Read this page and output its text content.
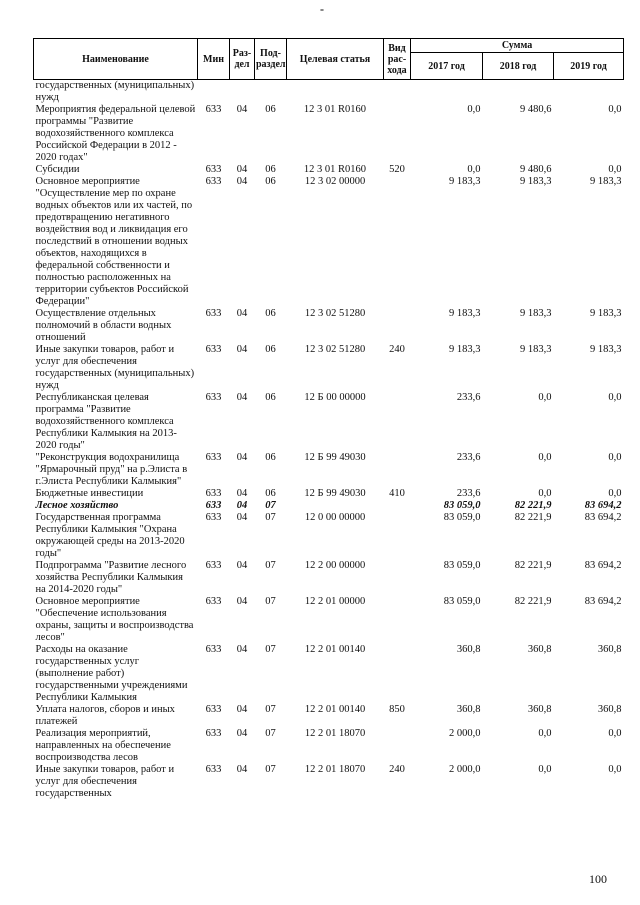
-
Наименование	Мин	Раз-дел	Под-раздел	Целевая статья	Вид рас-хода	Сумма		
						2017 год	2018 год	2019 год
государственных (муниципальных) нужд								
Мероприятия федеральной целевой программы "Развитие водохозяйственного комплекса Российской Федерации в 2012 - 2020 годах"	633	04	06	12 3 01 R0160		0,0	9 480,6	0,0
Субсидии	633	04	06	12 3 01 R0160	520	0,0	9 480,6	0,0
Основное мероприятие "Осуществление мер по охране водных объектов или их частей, по предотвращению негативного воздействия вод и ликвидация его последствий в отношении водных объектов, находящихся в федеральной собственности и полностью расположенных на территории субъектов Российской Федерации"	633	04	06	12 3 02 00000		9 183,3	9 183,3	9 183,3
Осуществление отдельных полномочий в области водных отношений	633	04	06	12 3 02 51280		9 183,3	9 183,3	9 183,3
Иные закупки товаров, работ и услуг для обеспечения государственных (муниципальных) нужд	633	04	06	12 3 02 51280	240	9 183,3	9 183,3	9 183,3
Республиканская целевая программа "Развитие водохозяйственного комплекса Республики Калмыкия на 2013-2020 годы"	633	04	06	12 Б 00 00000		233,6	0,0	0,0
"Реконструкция водохранилища "Ярмарочный пруд" на р.Элиста в г.Элиста Республики Калмыкия"	633	04	06	12 Б 99 49030		233,6	0,0	0,0
Бюджетные инвестиции	633	04	06	12 Б 99 49030	410	233,6	0,0	0,0
Лесное хозяйство	633	04	07			83 059,0	82 221,9	83 694,2
Государственная программа Республики Калмыкия "Охрана окружающей среды на 2013-2020 годы"	633	04	07	12 0 00 00000		83 059,0	82 221,9	83 694,2
Подпрограмма "Развитие лесного хозяйства Республики Калмыкия на 2014-2020 годы"	633	04	07	12 2 00 00000		83 059,0	82 221,9	83 694,2
Основное мероприятие "Обеспечение использования охраны, защиты и воспроизводства лесов"	633	04	07	12 2 01 00000		83 059,0	82 221,9	83 694,2
Расходы на оказание государственных услуг (выполнение работ) государственными учреждениями Республики Калмыкия	633	04	07	12 2 01 00140		360,8	360,8	360,8
Уплата налогов, сборов и иных платежей	633	04	07	12 2 01 00140	850	360,8	360,8	360,8
Реализация мероприятий, направленных на обеспечение воспроизводства лесов	633	04	07	12 2 01 18070		2 000,0	0,0	0,0
Иные закупки товаров, работ и услуг для обеспечения государственных	633	04	07	12 2 01 18070	240	2 000,0	0,0	0,0
100
